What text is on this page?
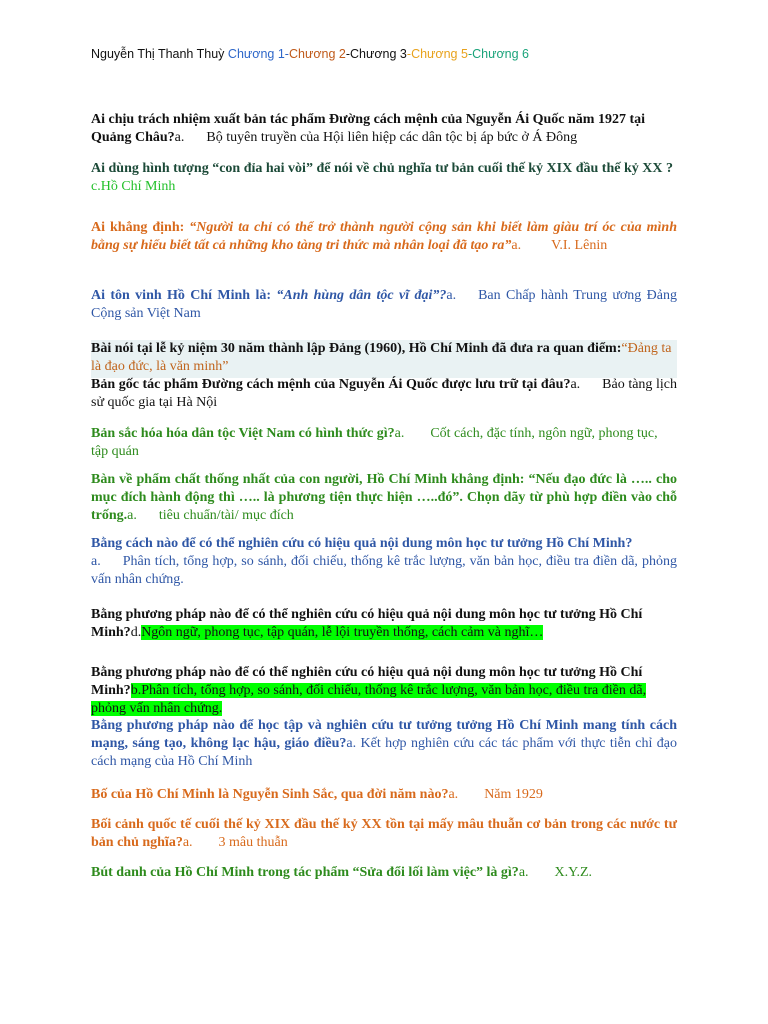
Nguyễn Thị Thanh Thuỳ Chương 1-Chương 2-Chương 3-Chương 5-Chương 6
Ai chịu trách nhiệm xuất bản tác phẩm Đường cách mệnh của Nguyễn Ái Quốc năm 1927 tại Quảng Châu?a. Bộ tuyên truyền của Hội liên hiệp các dân tộc bị áp bức ở Á Đông
Ai dùng hình tượng “con đỉa hai vòi” để nói về chủ nghĩa tư bản cuối thế kỷ XIX đầu thế kỷ XX ?c.Hồ Chí Minh
Ai khẳng định: “Người ta chỉ có thể trở thành người cộng sản khi biết làm giàu trí óc của mình bằng sự hiểu biết tất cả những kho tàng tri thức mà nhân loại đã tạo ra”a. V.I. Lênin
Ai tôn vinh Hồ Chí Minh là: “Anh hùng dân tộc vĩ đại”?a. Ban Chấp hành Trung ương Đảng Cộng sản Việt Nam
Bài nói tại lễ kỷ niệm 30 năm thành lập Đảng (1960), Hồ Chí Minh đã đưa ra quan điểm:“Đảng ta là đạo đức, là văn minh”
Bản gốc tác phẩm Đường cách mệnh của Nguyễn Ái Quốc được lưu trữ tại đâu?a. Bảo tàng lịch sử quốc gia tại Hà Nội
Bản sắc hóa hóa dân tộc Việt Nam có hình thức gì?a. Cốt cách, đặc tính, ngôn ngữ, phong tục, tập quán
Bàn về phẩm chất thống nhất của con người, Hồ Chí Minh khẳng định: “Nếu đạo đức là ….. cho mục đích hành động thì ….. là phương tiện thực hiện …..đó”. Chọn dãy từ phù hợp điền vào chỗ trống.a. tiêu chuẩn/tài/ mục đích
Bằng cách nào để có thể nghiên cứu có hiệu quả nội dung môn học tư tưởng Hồ Chí Minh?
a. Phân tích, tổng hợp, so sánh, đối chiếu, thống kê trắc lượng, văn bản học, điều tra điền dã, phỏng vấn nhân chứng.
Bằng phương pháp nào để có thể nghiên cứu có hiệu quả nội dung môn học tư tưởng Hồ Chí Minh?d.Ngôn ngữ, phong tục, tập quán, lễ lội truyền thống, cách cảm và nghĩ…
Bằng phương pháp nào để có thể nghiên cứu có hiệu quả nội dung môn học tư tưởng Hồ Chí Minh?b.Phân tích, tổng hợp, so sánh, đối chiếu, thống kê trắc lượng, văn bản học, điều tra điền dã, phỏng vấn nhân chứng.
Bằng phương pháp nào để học tập và nghiên cứu tư tưởng tưởng Hồ Chí Minh mang tính cách mạng, sáng tạo, không lạc hậu, giáo điều?a. Kết hợp nghiên cứu các tác phẩm với thực tiễn chỉ đạo cách mạng của Hồ Chí Minh
Bố của Hồ Chí Minh là Nguyễn Sinh Sắc, qua đời năm nào?a. Năm 1929
Bối cảnh quốc tế cuối thế kỷ XIX đầu thế kỷ XX tồn tại mấy mâu thuẫn cơ bản trong các nước tư bản chủ nghĩa?a. 3 mâu thuẫn
Bút danh của Hồ Chí Minh trong tác phẩm “Sửa đổi lối làm việc” là gì?a. X.Y.Z.
